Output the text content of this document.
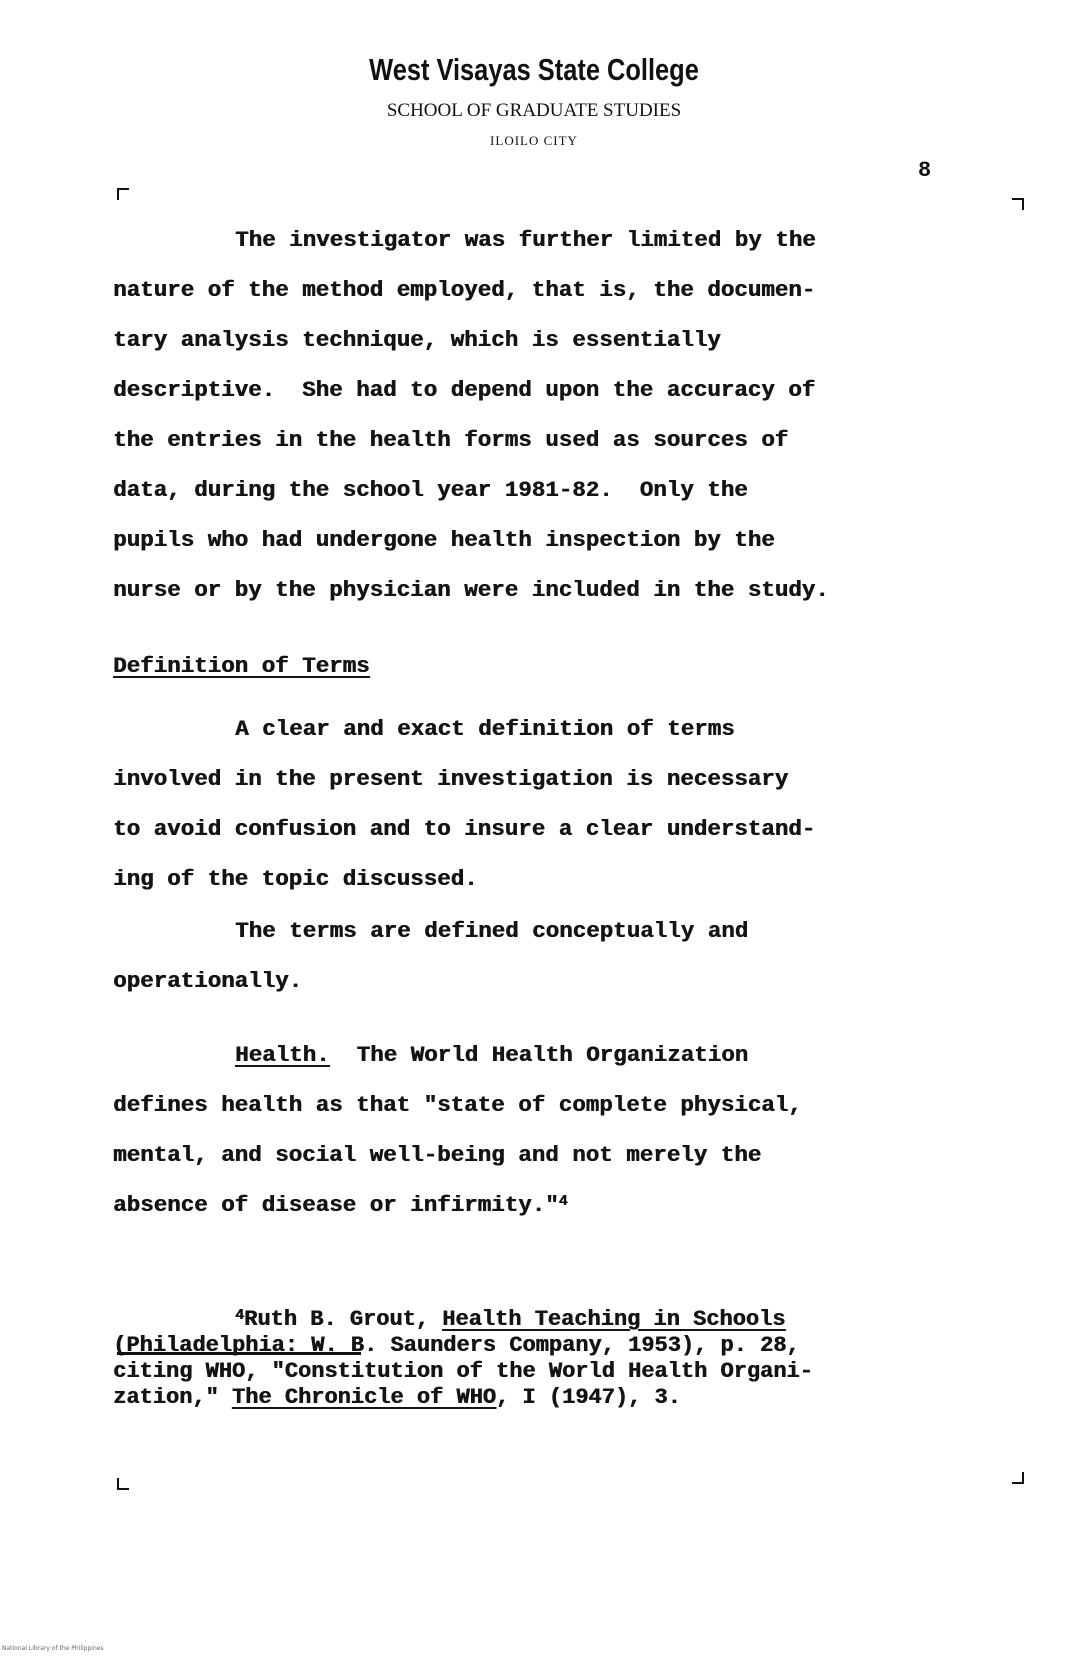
West Visayas State College
SCHOOL OF GRADUATE STUDIES
ILOILO CITY
8
The investigator was further limited by the
nature of the method employed, that is, the documen-
tary analysis technique, which is essentially
descriptive.  She had to depend upon the accuracy of
the entries in the health forms used as sources of
data, during the school year 1981-82.  Only the
pupils who had undergone health inspection by the
nurse or by the physician were included in the study.
Definition of Terms
A clear and exact definition of terms
involved in the present investigation is necessary
to avoid confusion and to insure a clear understand-
ing of the topic discussed.
The terms are defined conceptually and
operationally.
Health.  The World Health Organization
defines health as that "state of complete physical,
mental, and social well-being and not merely the
absence of disease or infirmity."$^4$
$^4$Ruth B. Grout, Health Teaching in Schools
(Philadelphia: W. B. Saunders Company, 1953), p. 28,
citing WHO, "Constitution of the World Health Organi-
zation," The Chronicle of WHO, I (1947), 3.
National Library of the Philippines
